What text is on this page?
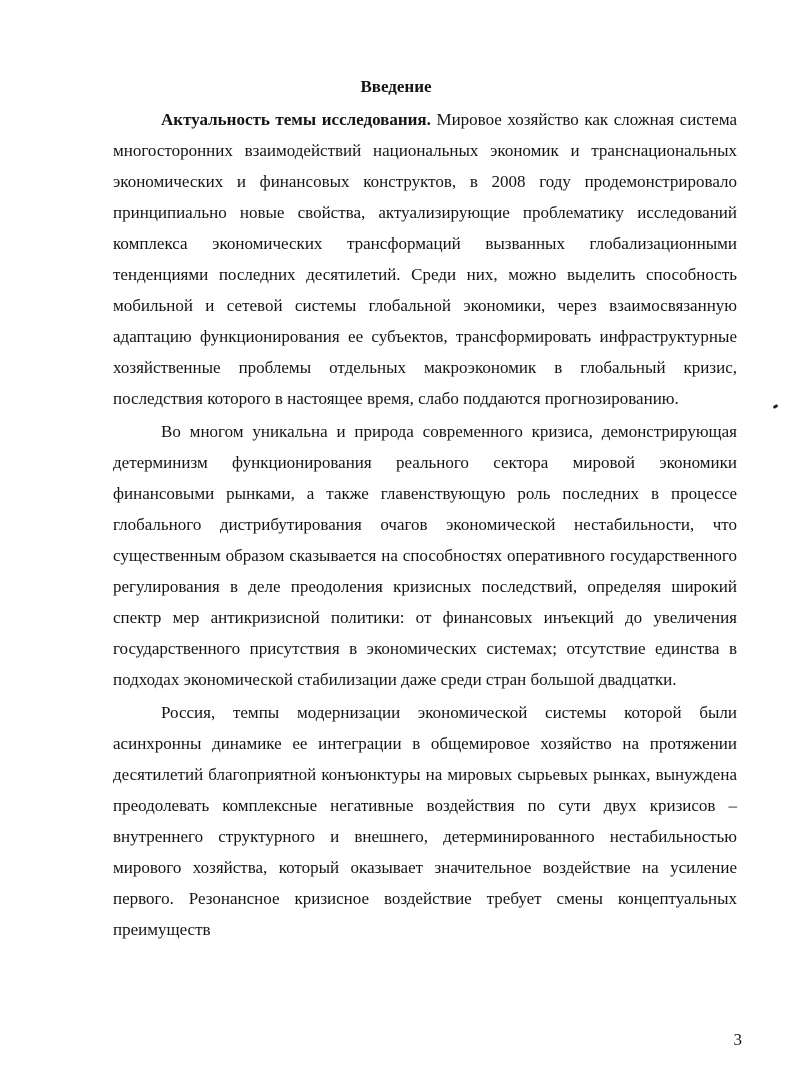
Введение

Актуальность темы исследования. Мировое хозяйство как сложная система многосторонних взаимодействий национальных экономик и транснациональных экономических и финансовых конструктов, в 2008 году продемонстрировало принципиально новые свойства, актуализирующие проблематику исследований комплекса экономических трансформаций вызванных глобализационными тенденциями последних десятилетий. Среди них, можно выделить способность мобильной и сетевой системы глобальной экономики, через взаимосвязанную адаптацию функционирования ее субъектов, трансформировать инфраструктурные хозяйственные проблемы отдельных макроэкономик в глобальный кризис, последствия которого в настоящее время, слабо поддаются прогнозированию.

Во многом уникальна и природа современного кризиса, демонстрирующая детерминизм функционирования реального сектора мировой экономики финансовыми рынками, а также главенствующую роль последних в процессе глобального дистрибутирования очагов экономической нестабильности, что существенным образом сказывается на способностях оперативного государственного регулирования в деле преодоления кризисных последствий, определяя широкий спектр мер антикризисной политики: от финансовых инъекций до увеличения государственного присутствия в экономических системах; отсутствие единства в подходах экономической стабилизации даже среди стран большой двадцатки.

Россия, темпы модернизации экономической системы которой были асинхронны динамике ее интеграции в общемировое хозяйство на протяжении десятилетий благоприятной конъюнктуры на мировых сырьевых рынках, вынуждена преодолевать комплексные негативные воздействия по сути двух кризисов – внутреннего структурного и внешнего, детерминированного нестабильностью мирового хозяйства, который оказывает значительное воздействие на усиление первого. Резонансное кризисное воздействие требует смены концептуальных преимуществ

3
